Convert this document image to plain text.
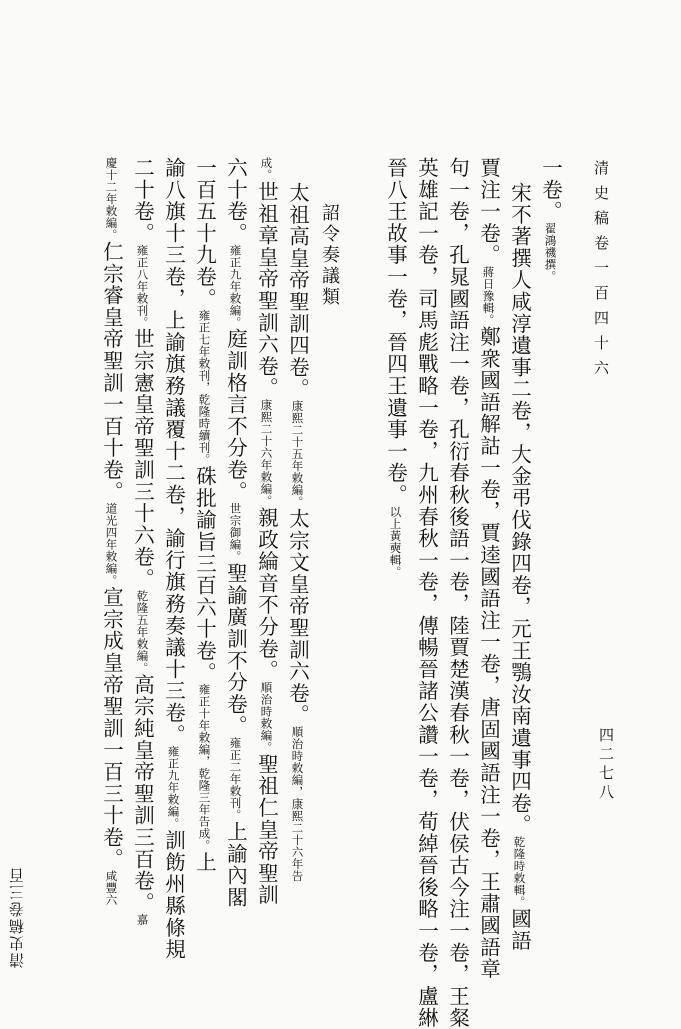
清史稿卷一百四十六
四二七八
清史稿卷三百
一卷。翟鴻禨撰。
宋不著撰人咸淳遺事二卷，大金弔伐錄四卷，元王鶚汝南遺事四卷。乾隆時敕輯。國語
賈注一卷。蔣日豫輯。鄭衆國語解詁一卷，賈逵國語注一卷，唐固國語注一卷，王肅國語章
句一卷，孔晁國語注一卷，孔衍春秋後語一卷，陸賈楚漢春秋一卷，伏侯古今注一卷，王粲
英雄記一卷，司馬彪戰略一卷，九州春秋一卷，傳暢晉諸公讚一卷，荀綽晉後略一卷，盧綝
晉八王故事一卷，晉四王遺事一卷。以上黃奭輯。
詔令奏議類
太祖高皇帝聖訓四卷。康熙二十五年敕編。太宗文皇帝聖訓六卷。順治時敕編，康熙二十六年告
成。世祖章皇帝聖訓六卷。康熙二十六年敕編。親政綸音不分卷。順治時敕編。聖祖仁皇帝聖訓
六十卷。雍正九年敕編。庭訓格言不分卷。世宗御編。聖諭廣訓不分卷。雍正二年敕刊。上諭內閣
一百五十九卷。雍正七年敕刊，乾隆時續刊。硃批諭旨三百六十卷。雍正十年敕編，乾隆三年告成。上
諭八旗十三卷，上諭旗務議覆十二卷，諭行旗務奏議十三卷。雍正九年敕編。訓飭州縣條規
二十卷。雍正八年敕刊。世宗憲皇帝聖訓三十六卷。乾隆五年敕編。高宗純皇帝聖訓三百卷。嘉
慶十二年敕編。仁宗睿皇帝聖訓一百十卷。道光四年敕編。宣宗成皇帝聖訓一百三十卷。咸豐六
